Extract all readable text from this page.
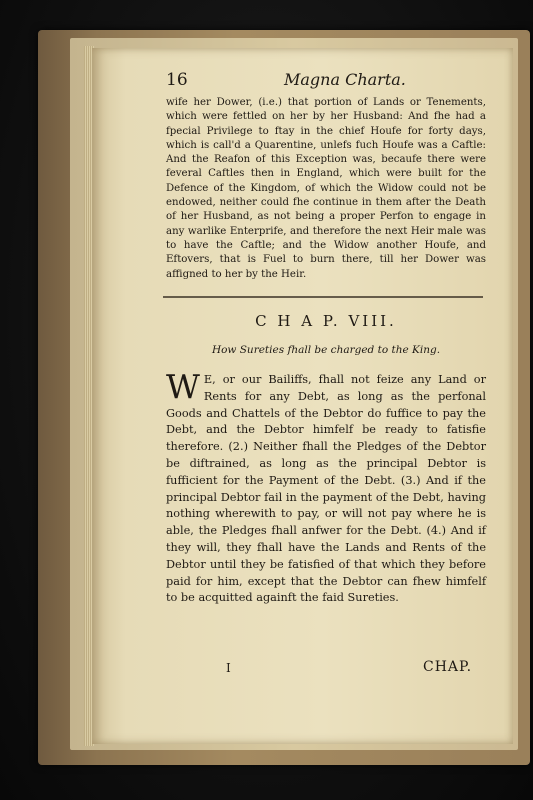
16	Magna Charta.

wife her Dower, (i.e.) that portion of Lands or Tenements, which were fettled on her by her Husband: And fhe had a fpecial Privilege to ftay in the chief Houfe for forty days, which is call'd a Quarentine, unlefs fuch Houfe was a Caftle: And the Reafon of this Exception was, becaufe there were feveral Caftles then in England, which were built for the Defence of the Kingdom, of which the Widow could not be endowed, neither could fhe continue in them after the Death of her Husband, as not being a proper Perfon to engage in any warlike Enterprife, and therefore the next Heir male was to have the Caftle; and the Widow another Houfe, and Eftovers, that is Fuel to burn there, till her Dower was affigned to her by the Heir.

C H A P. VIII.
How Sureties fhall be charged to the King.
W E, or our Bailiffs, fhall not feize any Land or Rents for any Debt, as long as the perfonal Goods and Chattels of the Debtor do fuffice to pay the Debt, and the Debtor himfelf be ready to fatisfie therefore. (2.) Neither fhall the Pledges of the Debtor be diftrained, as long as the principal Debtor is fufficient for the Payment of the Debt. (3.) And if the principal Debtor fail in the payment of the Debt, having nothing wherewith to pay, or will not pay where he is able, the Pledges fhall anfwer for the Debt. (4.) And if they will, they fhall have the Lands and Rents of the Debtor until they be fatisfied of that which they before paid for him, except that the Debtor can fhew himfelf to be acquitted againft the faid Sureties.

I	CHAP.
